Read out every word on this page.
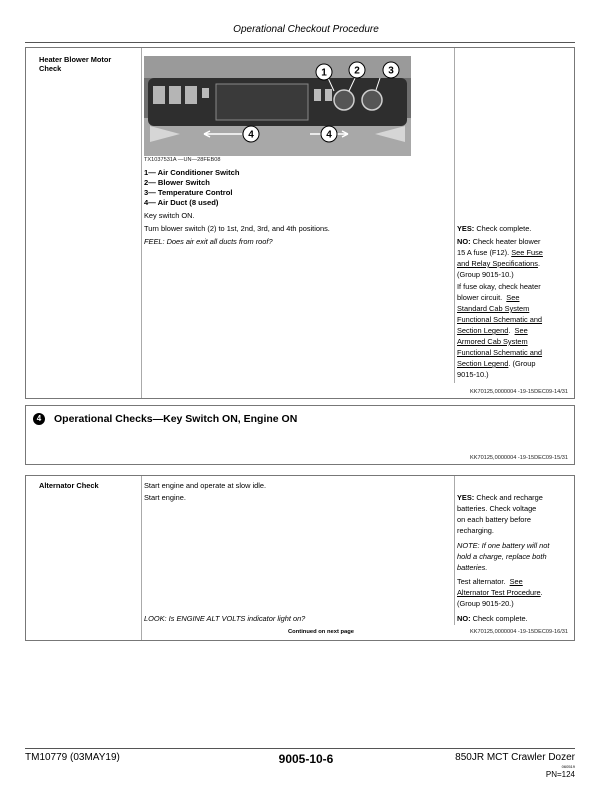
Operational Checkout Procedure
Heater Blower Motor Check	1	2	3
4	4
TX1037531A —UN—28FEB08
1— Air Conditioner Switch
2— Blower Switch
3— Temperature Control
4— Air Duct (8 used)
Key switch ON.
Turn blower switch (2) to 1st, 2nd, 3rd, and 4th positions.
FEEL: Does air exit all ducts from roof?
YES: Check complete.
NO: Check heater blower
15 A fuse (F12). See Fuse
and Relay Specifications.
(Group 9015-10.)
If fuse okay, check heater
blower circuit. See
Standard Cab System
Functional Schematic and
Section Legend. See
Armored Cab System
Functional Schematic and
Section Legend. (Group
9015-10.)
KK70125,0000004 -19-15DEC09-14/31
4	Operational Checks—Key Switch ON, Engine ON
KK70125,0000004 -19-15DEC09-15/31
Alternator Check	Start engine and operate at slow idle.
Start engine.	YES: Check and recharge
batteries. Check voltage
on each battery before
recharging.
NOTE: If one battery will not
hold a charge, replace both
batteries.
Test alternator. See
Alternator Test Procedure.
(Group 9015-20.)
LOOK: Is ENGINE ALT VOLTS indicator light on?	NO: Check complete.
Continued on next page	KK70125,0000004 -19-15DEC09-16/31
TM10779 (03MAY19)	9005-10-6	850JR MCT Crawler Dozer
060519
PN=124
